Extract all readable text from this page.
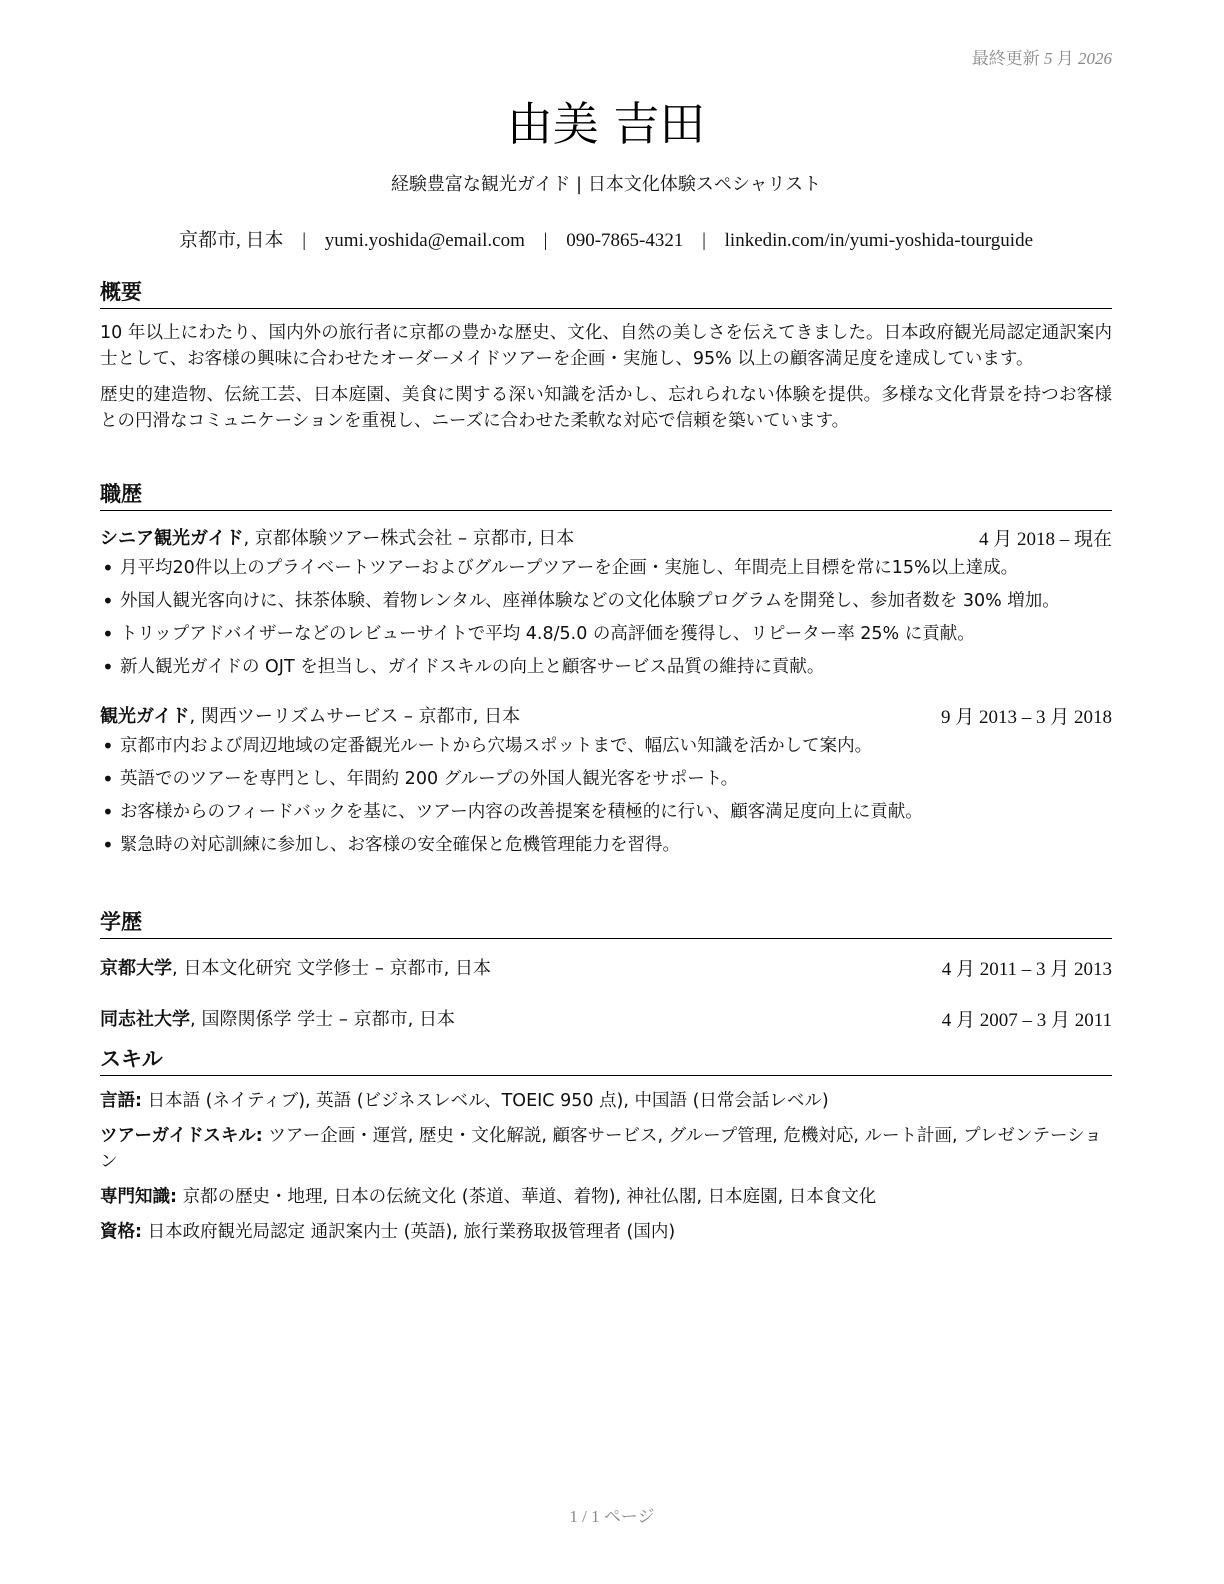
最終更新 5 月 2026
由美 吉田
経験豊富な観光ガイド | 日本文化体験スペシャリスト
京都市, 日本 | yumi.yoshida@email.com | 090-7865-4321 | linkedin.com/in/yumi-yoshida-tourguide
概要

10 年以上にわたり、国内外の旅行者に京都の豊かな歴史、文化、自然の美しさを伝えてきました。日本政府観光局認定通訳案内士として、お客様の興味に合わせたオーダーメイドツアーを企画・実施し、95% 以上の顧客満足度を達成しています。

歴史的建造物、伝統工芸、日本庭園、美食に関する深い知識を活かし、忘れられない体験を提供。多様な文化背景を持つお客様との円滑なコミュニケーションを重視し、ニーズに合わせた柔軟な対応で信頼を築いています。

職歴
シニア観光ガイド, 京都体験ツアー株式会社 – 京都市, 日本	4 月 2018 – 現在
• 月平均20件以上のプライベートツアーおよびグループツアーを企画・実施し、年間売上目標を常に15%以上達成。
• 外国人観光客向けに、抹茶体験、着物レンタル、座禅体験などの文化体験プログラムを開発し、参加者数を 30% 増加。
• トリップアドバイザーなどのレビューサイトで平均 4.8/5.0 の高評価を獲得し、リピーター率 25% に貢献。
• 新人観光ガイドの OJT を担当し、ガイドスキルの向上と顧客サービス品質の維持に貢献。
観光ガイド, 関西ツーリズムサービス – 京都市, 日本	9 月 2013 – 3 月 2018
• 京都市内および周辺地域の定番観光ルートから穴場スポットまで、幅広い知識を活かして案内。
• 英語でのツアーを専門とし、年間約 200 グループの外国人観光客をサポート。
• お客様からのフィードバックを基に、ツアー内容の改善提案を積極的に行い、顧客満足度向上に貢献。
• 緊急時の対応訓練に参加し、お客様の安全確保と危機管理能力を習得。
学歴
京都大学, 日本文化研究 文学修士 – 京都市, 日本	4 月 2011 – 3 月 2013
同志社大学, 国際関係学 学士 – 京都市, 日本	4 月 2007 – 3 月 2011
スキル
言語: 日本語 (ネイティブ), 英語 (ビジネスレベル、TOEIC 950 点), 中国語 (日常会話レベル)
ツアーガイドスキル: ツアー企画・運営, 歴史・文化解説, 顧客サービス, グループ管理, 危機対応, ルート計画, プレゼンテーション
専門知識: 京都の歴史・地理, 日本の伝統文化 (茶道、華道、着物), 神社仏閣, 日本庭園, 日本食文化
資格: 日本政府観光局認定 通訳案内士 (英語), 旅行業務取扱管理者 (国内)
1 / 1 ページ
